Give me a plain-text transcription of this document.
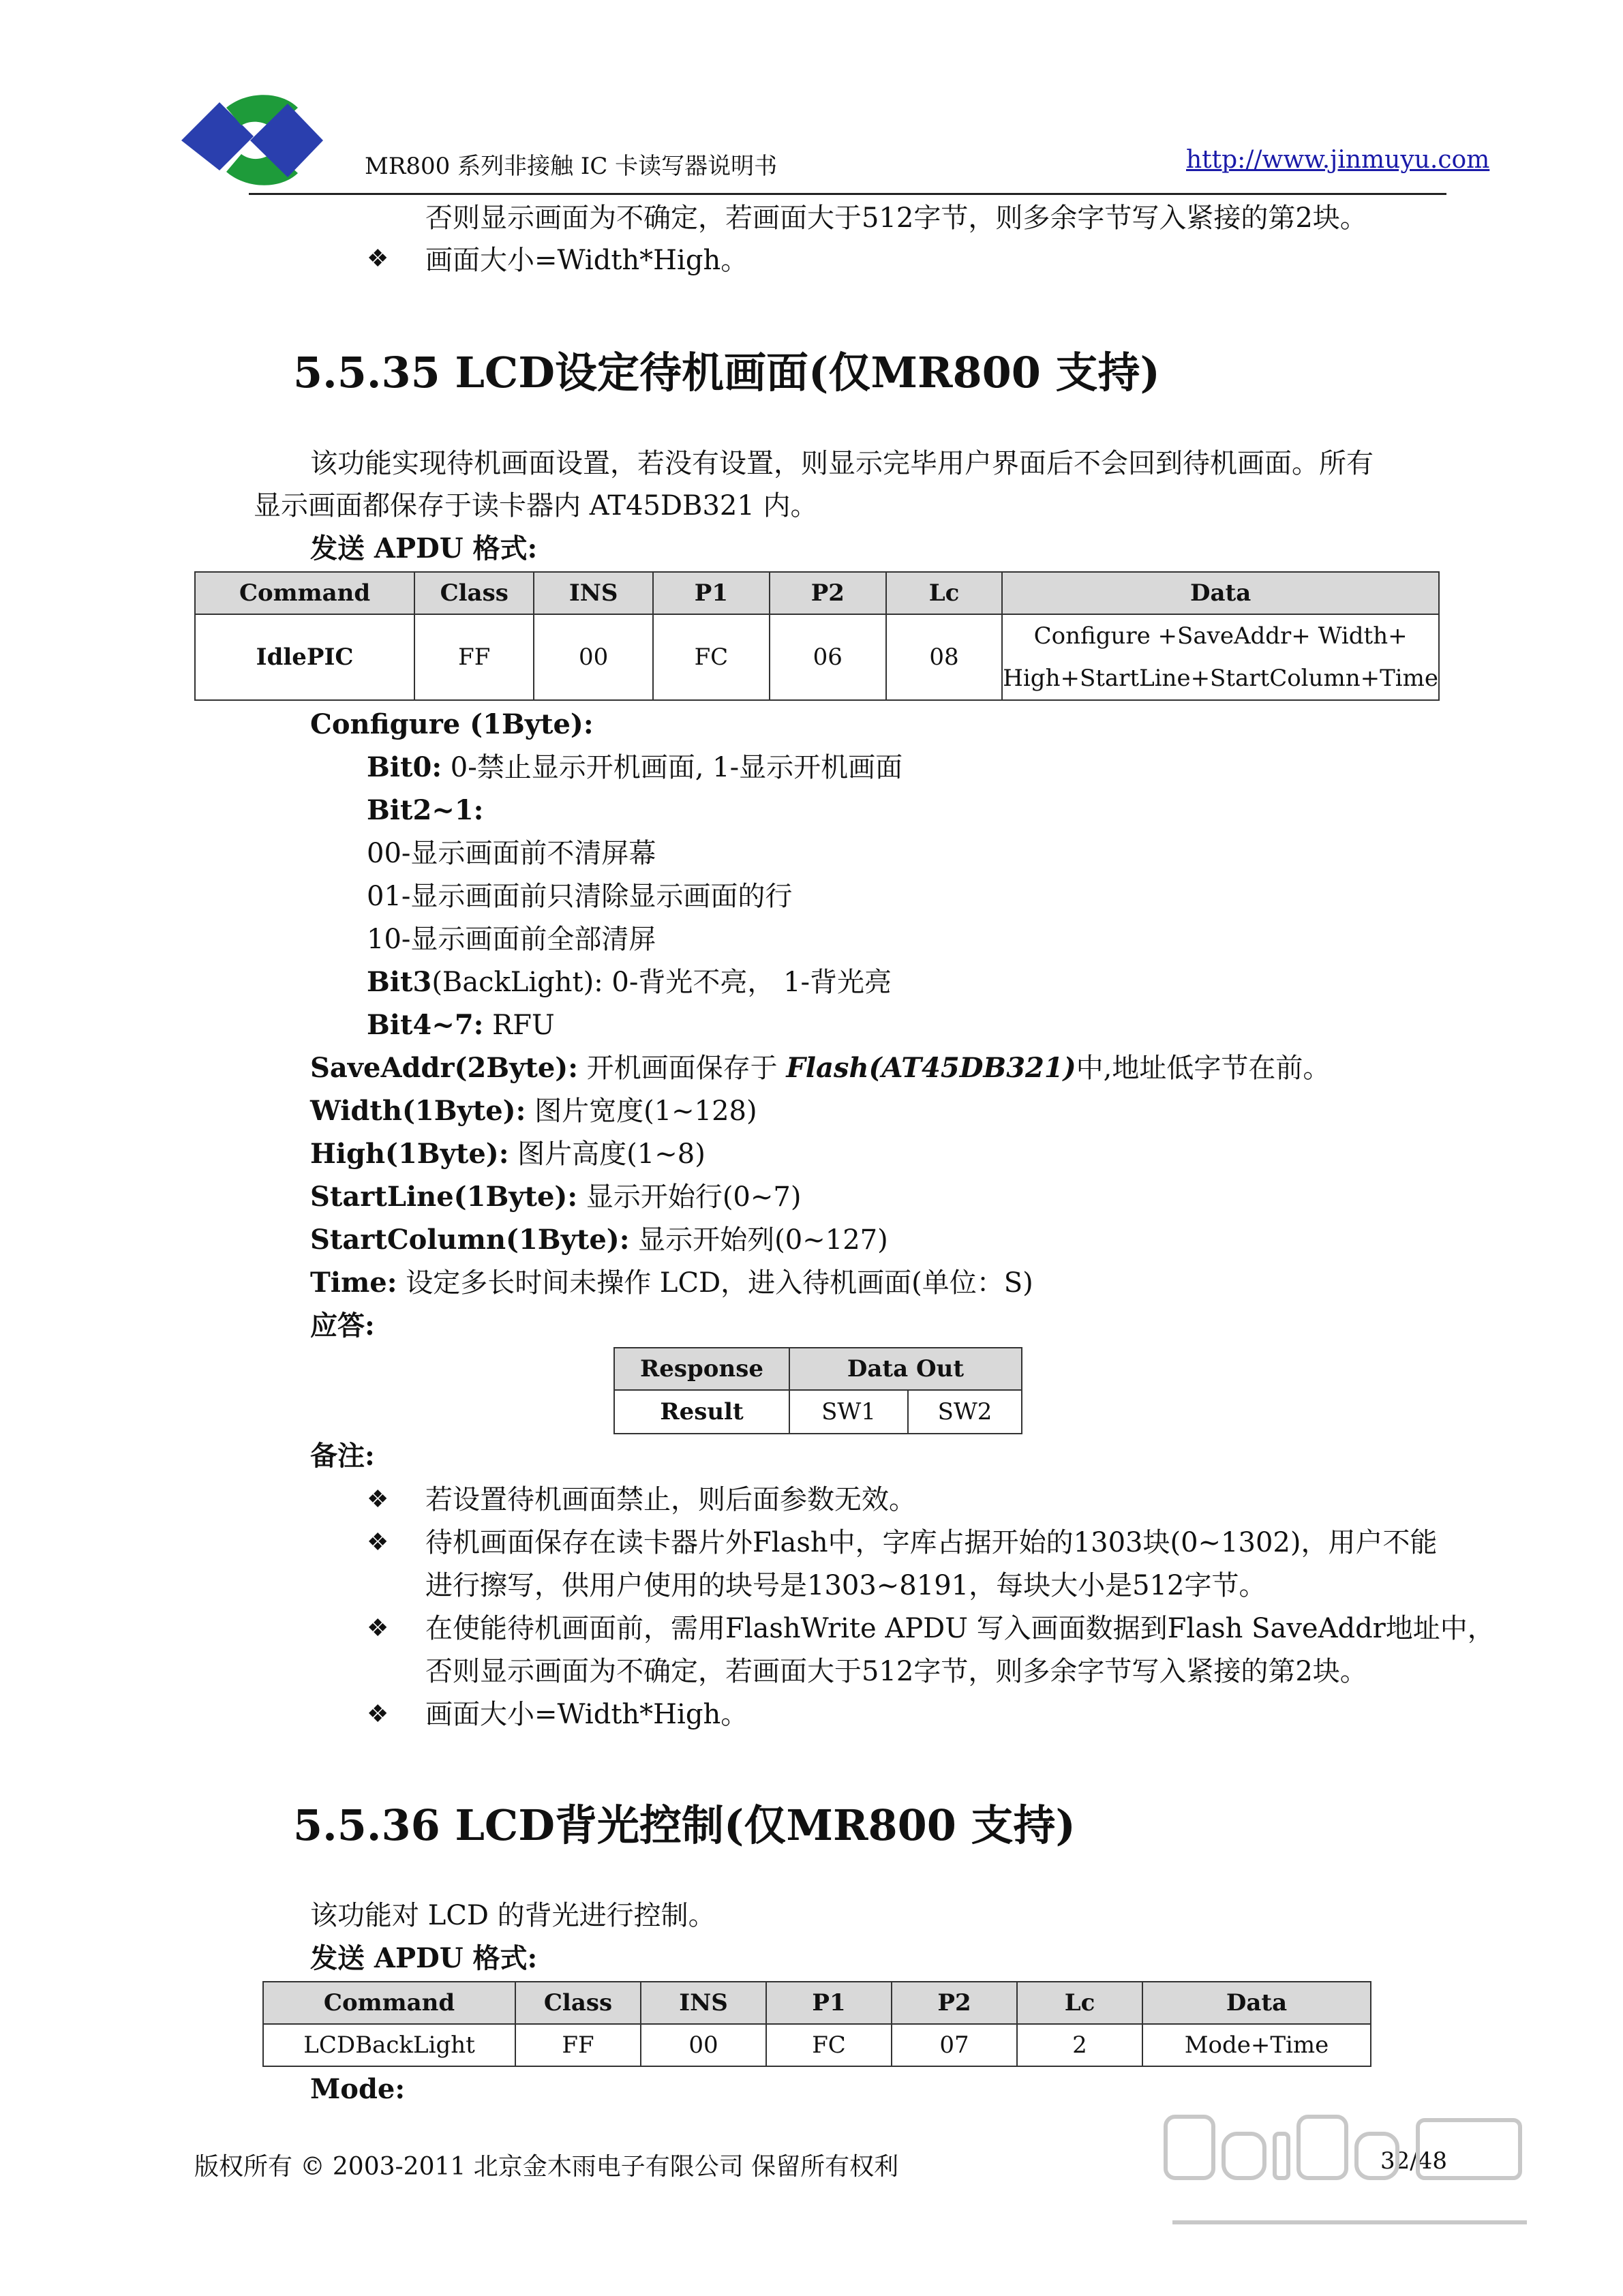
MR800 系列非接触 IC 卡读写器说明书	http://www.jinmuyu.com
否则显示画面为不确定，若画面大于512字节，则多余字节写入紧接的第2块。
❖ 画面大小=Width*High。
5.5.35 LCD设定待机画面(仅MR800 支持)
该功能实现待机画面设置，若没有设置，则显示完毕用户界面后不会回到待机画面。所有
显示画面都保存于读卡器内 AT45DB321 内。
发送 APDU 格式:
Command	Class	INS	P1	P2	Lc	Data
IdlePIC	FF	00	FC	06	08	Configure +SaveAddr+ Width+
High+StartLine+StartColumn+Time
Configure (1Byte):
Bit0: 0-禁止显示开机画面, 1-显示开机画面
Bit2~1:
00-显示画面前不清屏幕
01-显示画面前只清除显示画面的行
10-显示画面前全部清屏
Bit3(BackLight): 0-背光不亮， 1-背光亮
Bit4~7: RFU
SaveAddr(2Byte): 开机画面保存于 Flash(AT45DB321)中,地址低字节在前。
Width(1Byte): 图片宽度(1~128)
High(1Byte): 图片高度(1~8)
StartLine(1Byte): 显示开始行(0~7)
StartColumn(1Byte): 显示开始列(0~127)
Time: 设定多长时间未操作 LCD，进入待机画面(单位：S)
应答:
Response	Data Out	
Result	SW1	SW2
备注:
❖ 若设置待机画面禁止，则后面参数无效。
❖ 待机画面保存在读卡器片外Flash中，字库占据开始的1303块(0~1302)，用户不能
进行擦写，供用户使用的块号是1303~8191，每块大小是512字节。
❖ 在使能待机画面前，需用FlashWrite APDU 写入画面数据到Flash SaveAddr地址中，
否则显示画面为不确定，若画面大于512字节，则多余字节写入紧接的第2块。
❖ 画面大小=Width*High。
5.5.36 LCD背光控制(仅MR800 支持)
该功能对 LCD 的背光进行控制。
发送 APDU 格式:
Command	Class	INS	P1	P2	Lc	Data
LCDBackLight	FF	00	FC	07	2	Mode+Time
Mode:
版权所有 © 2003-2011 北京金木雨电子有限公司 保留所有权利	32/48
